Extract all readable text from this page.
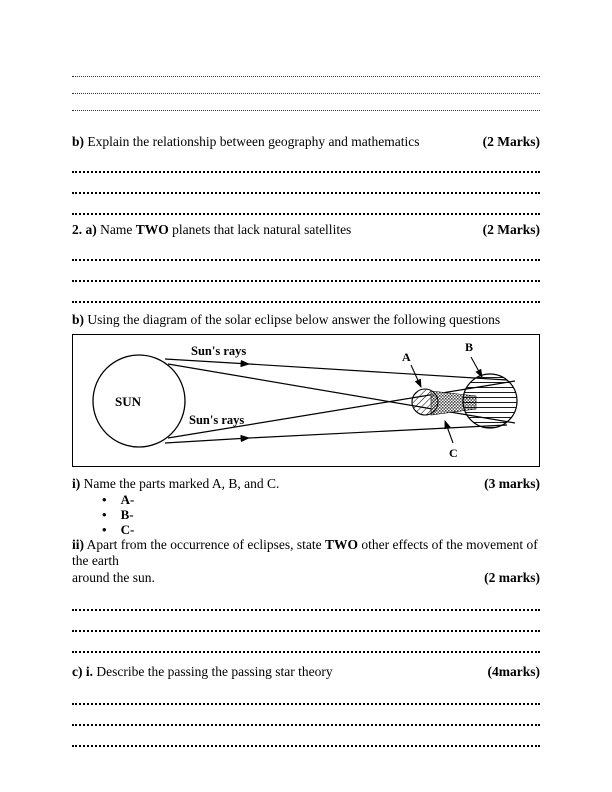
b) Explain the relationship between geography and mathematics	(2 Marks)
2. a) Name TWO planets that lack natural satellites	(2 Marks)
b) Using the diagram of the solar eclipse below answer the following questions
SUN
Sun's rays
Sun's rays
A
B
C
i) Name the parts marked A, B, and C.	(3 marks)
• A-
• B-
• C-
ii) Apart from the occurrence of eclipses, state TWO other effects of the movement of the earth
around the sun.	(2 marks)
c) i. Describe the passing the passing star theory	(4marks)
